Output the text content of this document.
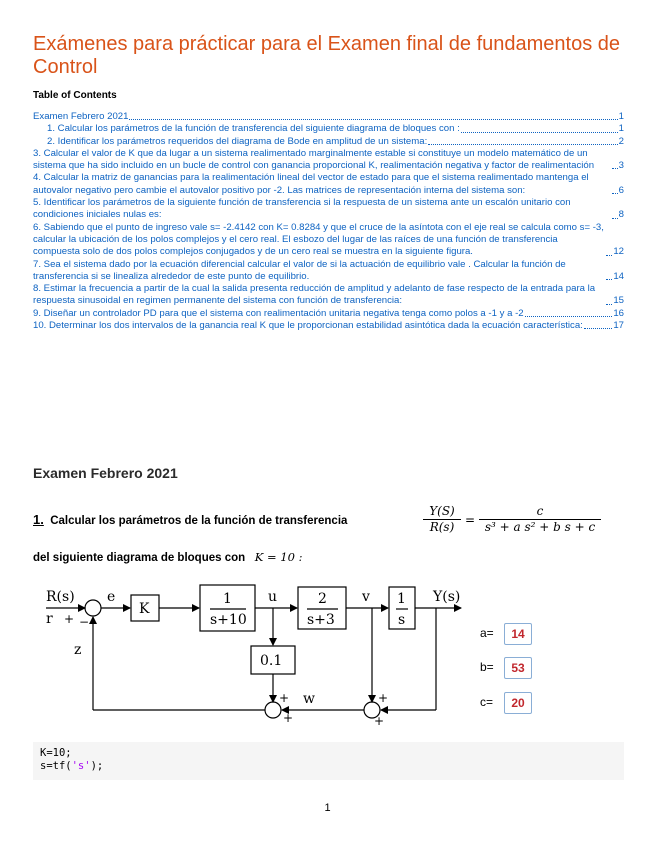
Exámenes para prácticar para el Examen final de fundamentos de Control
Table of Contents
Examen Febrero 2021	1
1. Calcular los parámetros de la función de transferencia del siguiente diagrama de bloques con :	1
2. Identificar los parámetros requeridos del diagrama de Bode en amplitud de un sistema:	2
3. Calcular el valor de K que da lugar a un sistema realimentado marginalmente estable si constituye un modelo matemático de un sistema que ha sido incluido en un bucle de control con ganancia proporcional K, realimentación negativa y factor de realimentación	3
4. Calcular la matriz de ganancias para la realimentación lineal del vector de estado para que el sistema realimentado mantenga el autovalor negativo pero cambie el autovalor positivo por -2. Las matrices de representación interna del sistema son:	6
5. Identificar los parámetros de la siguiente función de transferencia si la respuesta de un sistema ante un escalón unitario con condiciones iniciales nulas es:	8
6. Sabiendo que el punto de ingreso vale s= -2.4142 con K= 0.8284 y que el cruce de la asíntota con el eje real se calcula como s= -3, calcular la ubicación de los polos complejos y el cero real. El esbozo del lugar de las raíces de una función de transferencia compuesta solo de dos polos complejos conjugados y de un cero real se muestra en la siguiente figura.	12
7. Sea el sistema dado por la ecuación diferencial calcular el valor de si la actuación de equilibrio vale . Calcular la función de transferencia si se linealiza alrededor de este punto de equilibrio.	14
8. Estimar la frecuencia a partir de la cual la salida presenta reducción de amplitud y adelanto de fase respecto de la entrada para la respuesta sinusoidal en regimen permanente del sistema con función de transferencia:	15
9. Diseñar un controlador PD para que el sistema con realimentación unitaria negativa tenga como polos a -1 y a -2	16
10. Determinar los dos intervalos de la ganancia real K que le proporcionan estabilidad asintótica dada la ecuación característica:	17
Examen Febrero 2021
1. Calcular los parámetros de la función de transferencia	$\frac{Y(S)}{R(s)} = \frac{c}{\text{s³ + a s² + b s + c}}$
del siguiente diagrama de bloques con K = 10 :
R(s)
r + −
e
K
1
s+10
u	2
s+3
v 1
s
Y(s)
z
0.1
w
+
+
+
+
a= 14
b= 53
c= 20
K=10;
s=tf('s');
1
